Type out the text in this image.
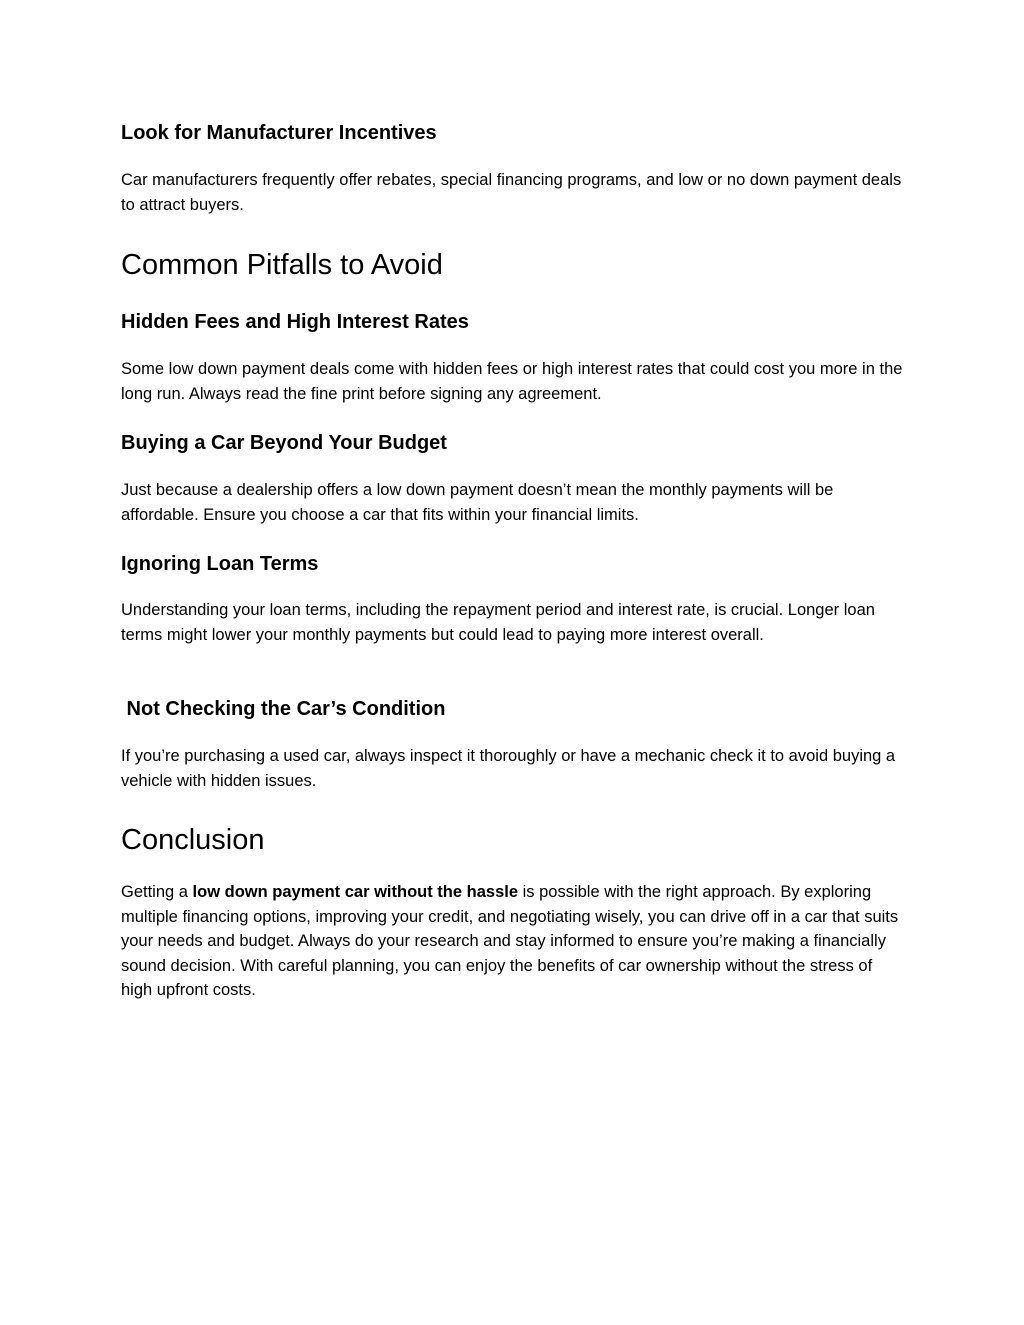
Look for Manufacturer Incentives

Car manufacturers frequently offer rebates, special financing programs, and low or no down payment deals to attract buyers.

Common Pitfalls to Avoid
Hidden Fees and High Interest Rates

Some low down payment deals come with hidden fees or high interest rates that could cost you more in the long run. Always read the fine print before signing any agreement.

Buying a Car Beyond Your Budget

Just because a dealership offers a low down payment doesn’t mean the monthly payments will be affordable. Ensure you choose a car that fits within your financial limits.

Ignoring Loan Terms

Understanding your loan terms, including the repayment period and interest rate, is crucial. Longer loan terms might lower your monthly payments but could lead to paying more interest overall.

Not Checking the Car’s Condition

If you’re purchasing a used car, always inspect it thoroughly or have a mechanic check it to avoid buying a vehicle with hidden issues.

Conclusion

Getting a low down payment car without the hassle is possible with the right approach. By exploring multiple financing options, improving your credit, and negotiating wisely, you can drive off in a car that suits your needs and budget. Always do your research and stay informed to ensure you’re making a financially sound decision. With careful planning, you can enjoy the benefits of car ownership without the stress of high upfront costs.
